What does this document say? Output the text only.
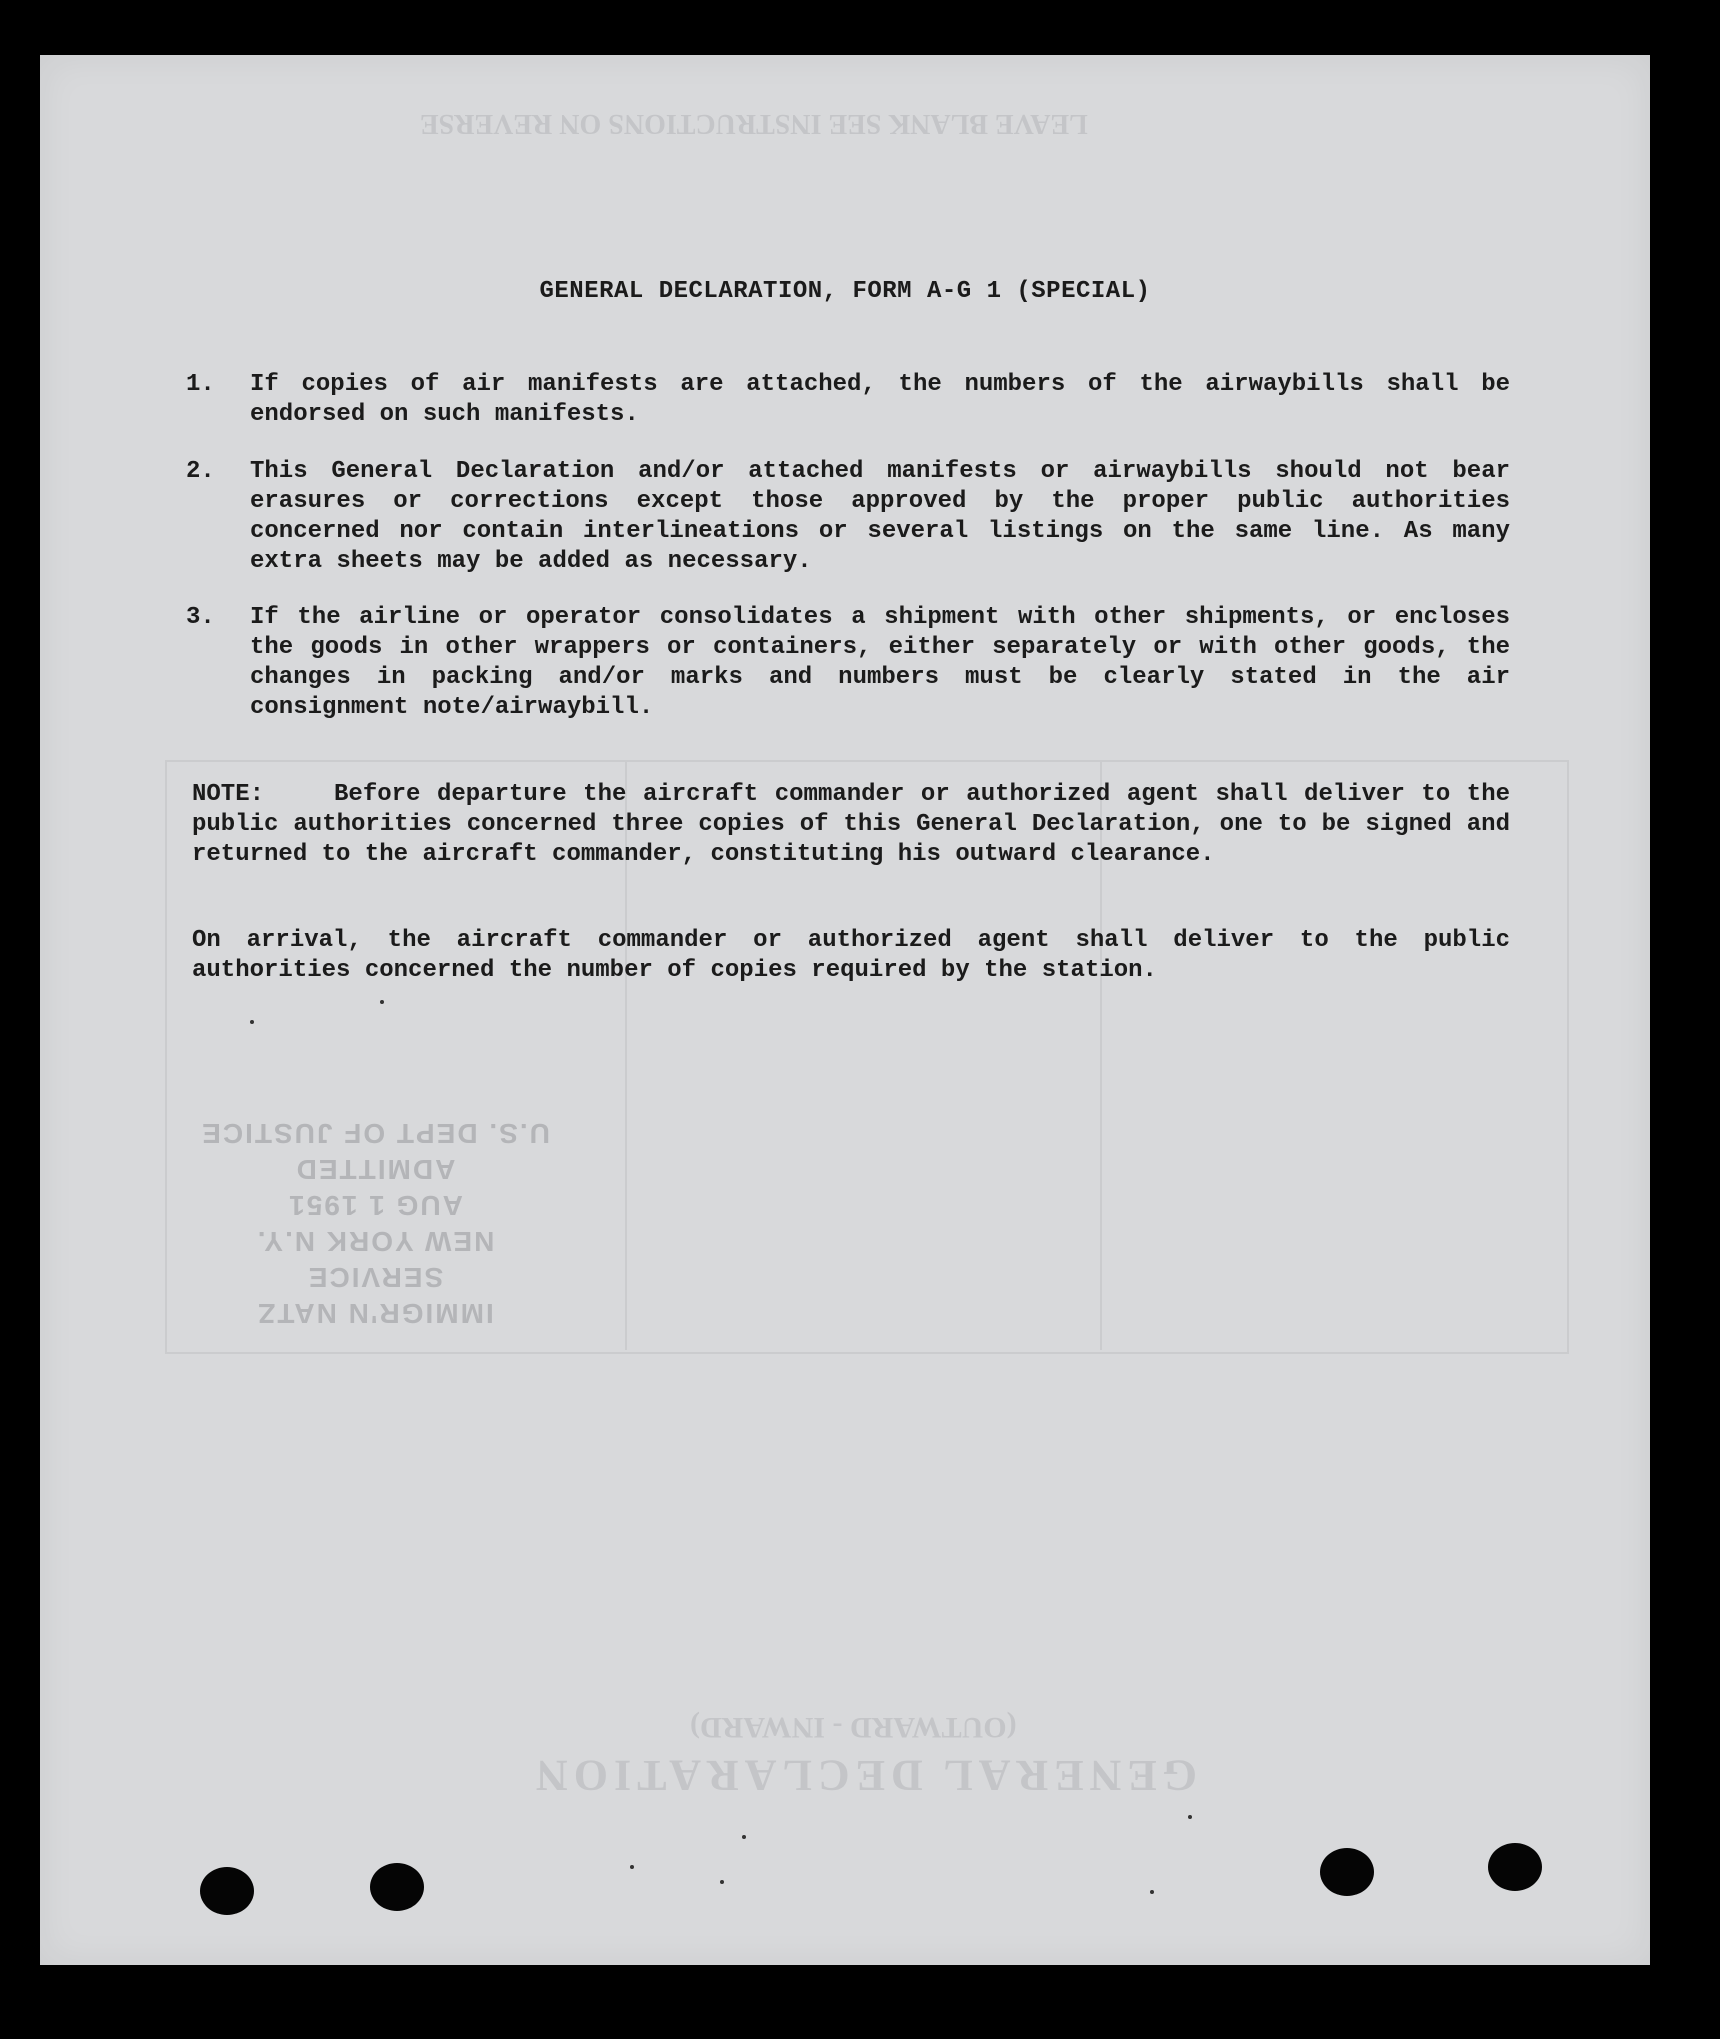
LEAVE BLANK SEE INSTRUCTIONS ON REVERSE
GENERAL DECLARATION
(OUTWARD - INWARD)
U.S. DEPT OF JUSTICE
ADMITTED
AUG 1 1951
NEW YORK N.Y.
IMMIGR'N NATZ SERVICE
GENERAL DECLARATION, FORM A-G 1 (SPECIAL)
1.	If copies of air manifests are attached, the numbers of the airwaybills shall be endorsed on such manifests.
2.	This General Declaration and/or attached manifests or airwaybills should not bear erasures or corrections except those approved by the proper public authorities concerned nor contain interlineations or several listings on the same line. As many extra sheets may be added as necessary.
3.	If the airline or operator consolidates a shipment with other shipments, or encloses the goods in other wrappers or containers, either separately or with other goods, the changes in packing and/or marks and numbers must be clearly stated in the air consignment note/airwaybill.
NOTE:	Before departure the aircraft commander or authorized agent shall deliver to the public authorities concerned three copies of this General Declaration, one to be signed and returned to the aircraft commander, constituting his outward clearance.
On arrival, the aircraft commander or authorized agent shall deliver to the public authorities concerned the number of copies required by the station.
